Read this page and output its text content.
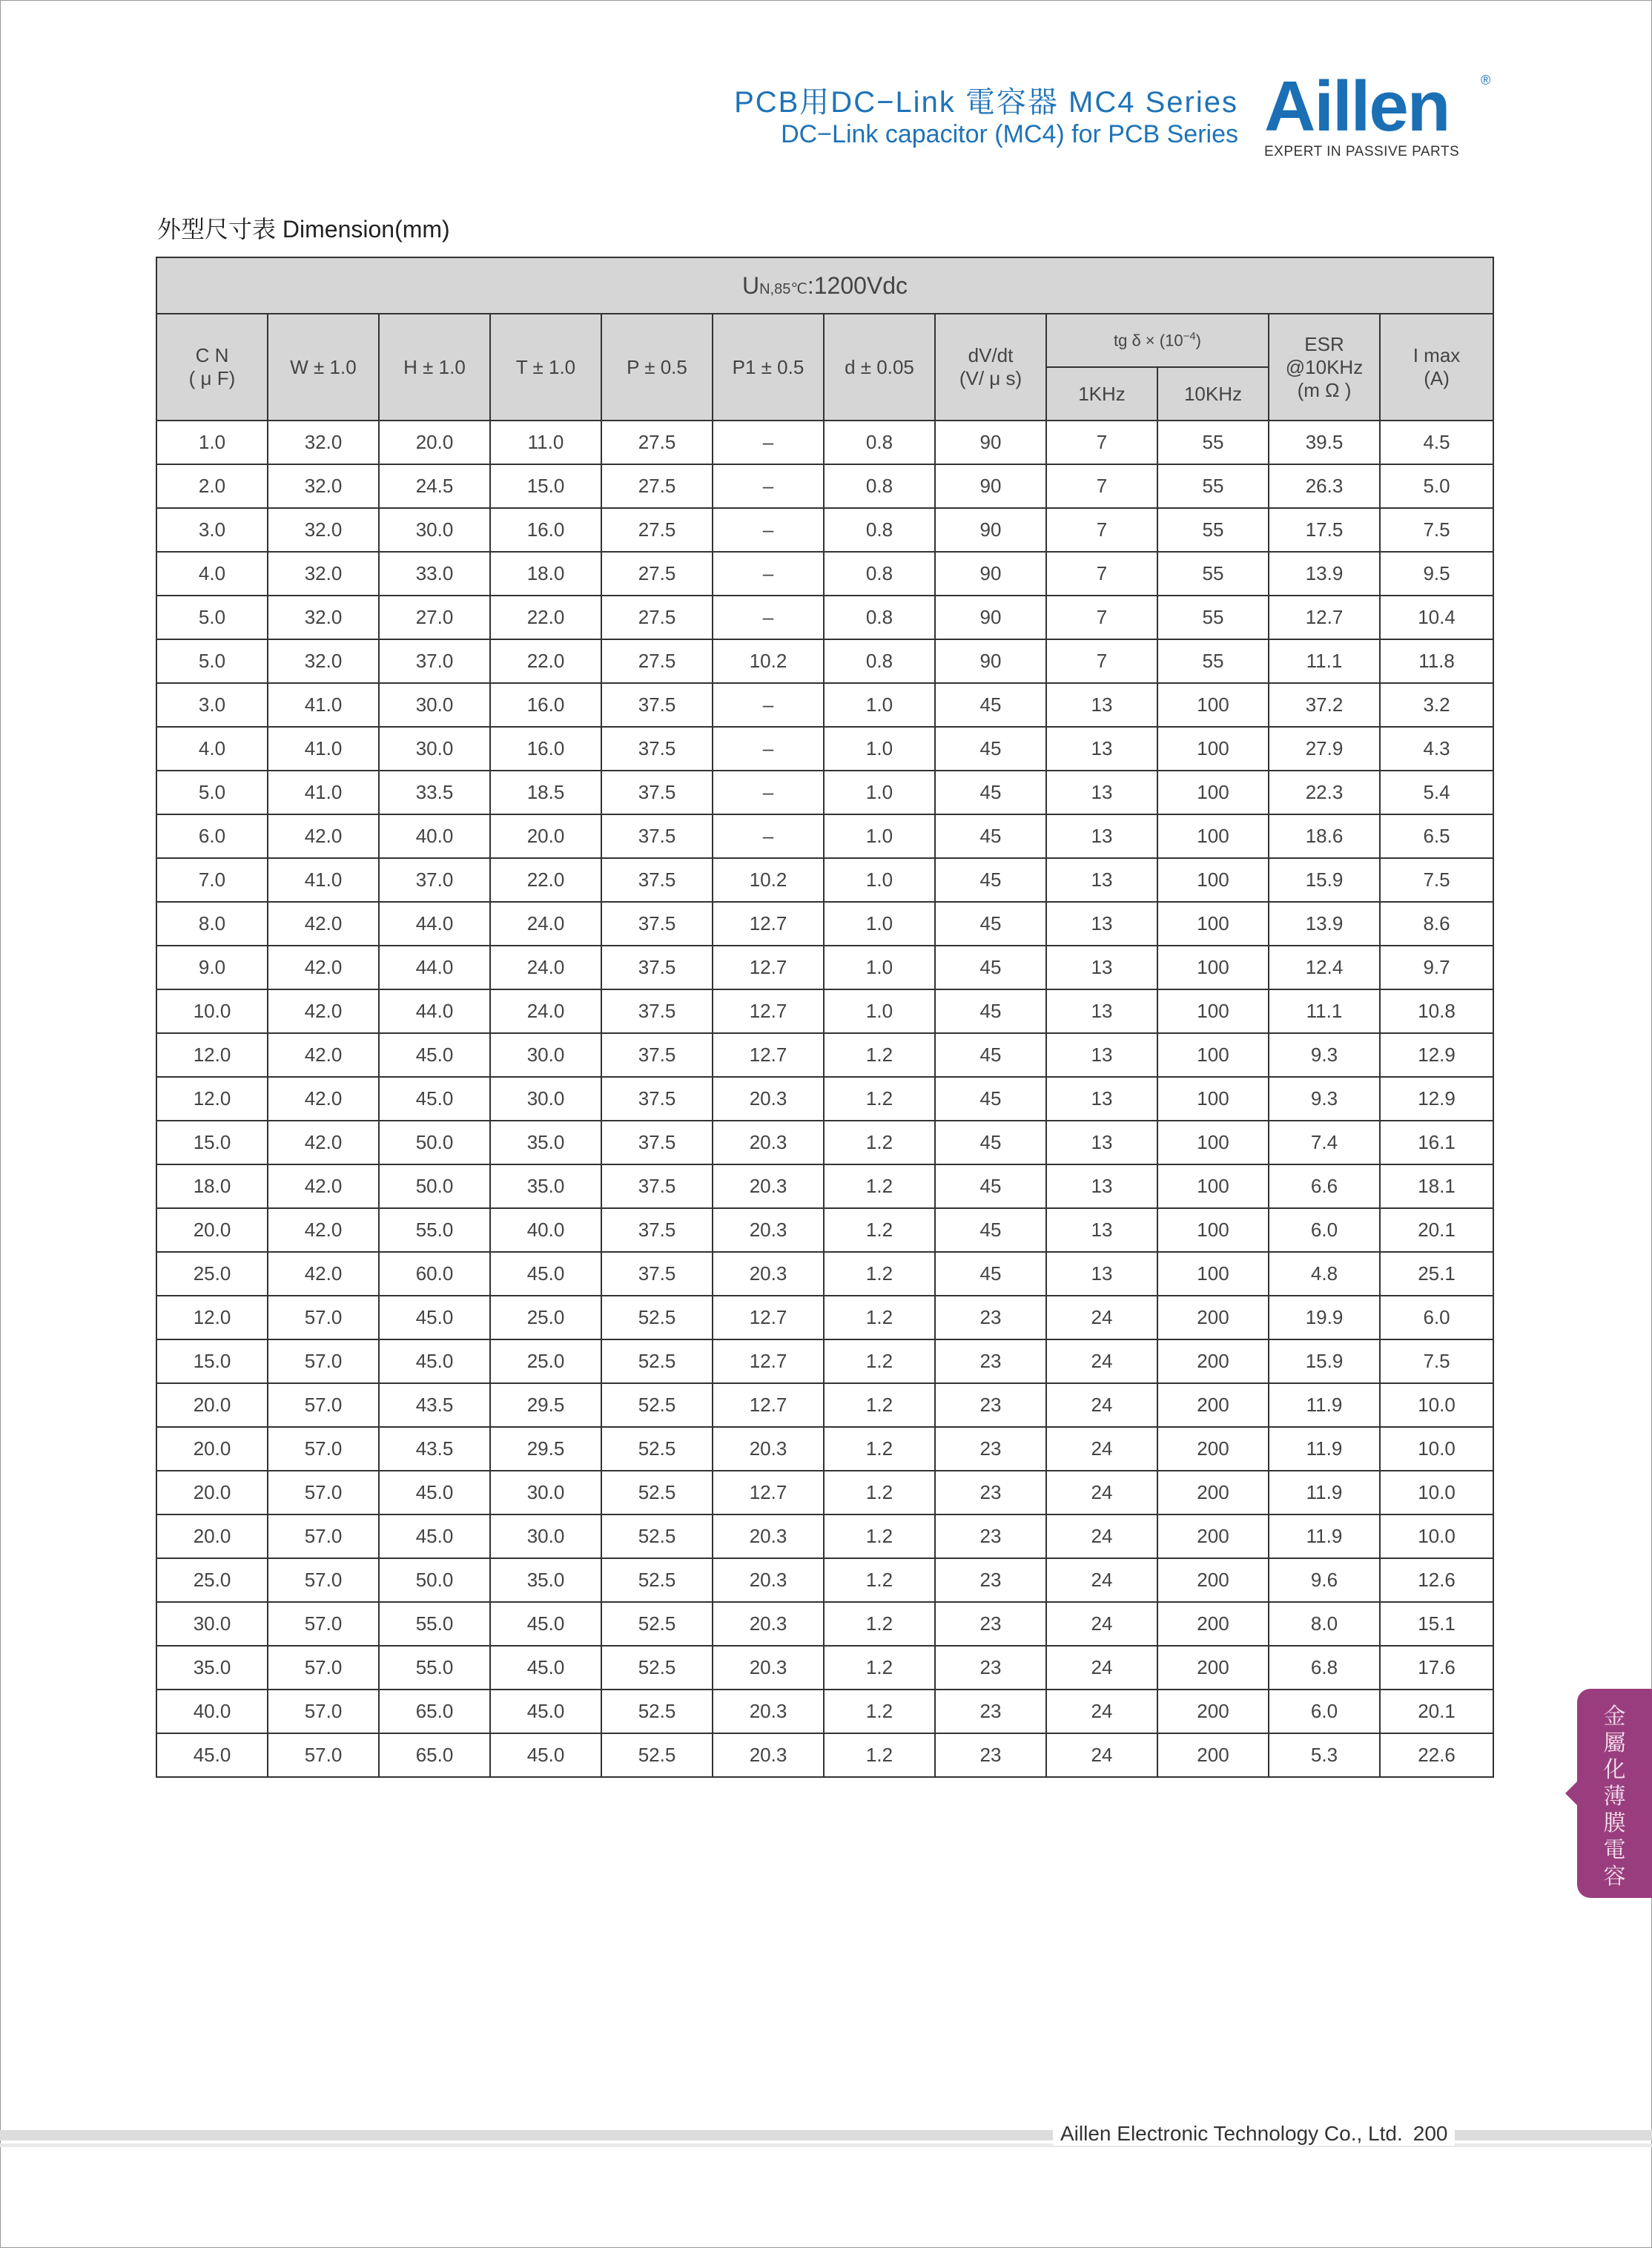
PCB用DC−Link 電容器 MC4 Series
DC−Link capacitor (MC4) for PCB Series Aillen	®
EXPERT IN PASSIVE PARTS
外型尺寸表 Dimension(mm)
UN,85℃:1200Vdc											
C N
( μ F)	W ± 1.0	H ± 1.0	T ± 1.0	P ± 0.5	P1 ± 0.5	d ± 0.05	dV/dt
(V/ μ s)	tg $\delta \times (10^{-4})$		ESR
@10KHz
(m Ω )	I max
(A)
								1KHz	10KHz		
1.0	32.0	20.0	11.0	27.5	–	0.8	90	7	55	39.5	4.5
2.0	32.0	24.5	15.0	27.5	–	0.8	90	7	55	26.3	5.0
3.0	32.0	30.0	16.0	27.5	–	0.8	90	7	55	17.5	7.5
4.0	32.0	33.0	18.0	27.5	–	0.8	90	7	55	13.9	9.5
5.0	32.0	27.0	22.0	27.5	–	0.8	90	7	55	12.7	10.4
5.0	32.0	37.0	22.0	27.5	10.2	0.8	90	7	55	11.1	11.8
3.0	41.0	30.0	16.0	37.5	–	1.0	45	13	100	37.2	3.2
4.0	41.0	30.0	16.0	37.5	–	1.0	45	13	100	27.9	4.3
5.0	41.0	33.5	18.5	37.5	–	1.0	45	13	100	22.3	5.4
6.0	42.0	40.0	20.0	37.5	–	1.0	45	13	100	18.6	6.5
7.0	41.0	37.0	22.0	37.5	10.2	1.0	45	13	100	15.9	7.5
8.0	42.0	44.0	24.0	37.5	12.7	1.0	45	13	100	13.9	8.6
9.0	42.0	44.0	24.0	37.5	12.7	1.0	45	13	100	12.4	9.7
10.0	42.0	44.0	24.0	37.5	12.7	1.0	45	13	100	11.1	10.8
12.0	42.0	45.0	30.0	37.5	12.7	1.2	45	13	100	9.3	12.9
12.0	42.0	45.0	30.0	37.5	20.3	1.2	45	13	100	9.3	12.9
15.0	42.0	50.0	35.0	37.5	20.3	1.2	45	13	100	7.4	16.1
18.0	42.0	50.0	35.0	37.5	20.3	1.2	45	13	100	6.6	18.1
20.0	42.0	55.0	40.0	37.5	20.3	1.2	45	13	100	6.0	20.1
25.0	42.0	60.0	45.0	37.5	20.3	1.2	45	13	100	4.8	25.1
12.0	57.0	45.0	25.0	52.5	12.7	1.2	23	24	200	19.9	6.0
15.0	57.0	45.0	25.0	52.5	12.7	1.2	23	24	200	15.9	7.5
20.0	57.0	43.5	29.5	52.5	12.7	1.2	23	24	200	11.9	10.0
20.0	57.0	43.5	29.5	52.5	20.3	1.2	23	24	200	11.9	10.0
20.0	57.0	45.0	30.0	52.5	12.7	1.2	23	24	200	11.9	10.0
20.0	57.0	45.0	30.0	52.5	20.3	1.2	23	24	200	11.9	10.0
25.0	57.0	50.0	35.0	52.5	20.3	1.2	23	24	200	9.6	12.6
30.0	57.0	55.0	45.0	52.5	20.3	1.2	23	24	200	8.0	15.1
35.0	57.0	55.0	45.0	52.5	20.3	1.2	23	24	200	6.8	17.6
40.0	57.0	65.0	45.0	52.5	20.3	1.2	23	24	200	6.0	20.1
45.0	57.0	65.0	45.0	52.5	20.3	1.2	23	24	200	5.3	22.6
金
屬
化
薄
膜
電
容
Aillen Electronic Technology Co., Ltd. 200
